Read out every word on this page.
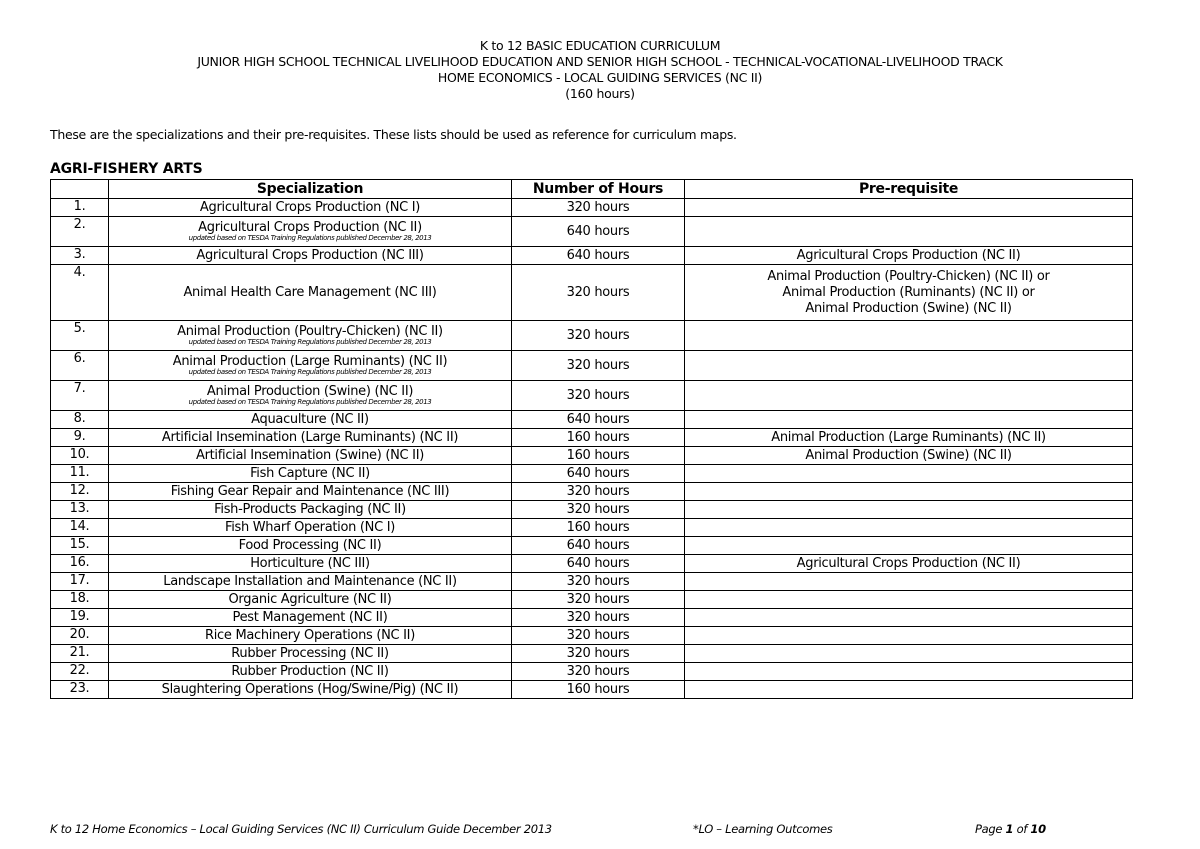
K to 12 BASIC EDUCATION CURRICULUM
JUNIOR HIGH SCHOOL TECHNICAL LIVELIHOOD EDUCATION AND SENIOR HIGH SCHOOL - TECHNICAL-VOCATIONAL-LIVELIHOOD TRACK
HOME ECONOMICS - LOCAL GUIDING SERVICES (NC II)
(160 hours)
These are the specializations and their pre-requisites. These lists should be used as reference for curriculum maps.
AGRI-FISHERY ARTS
	Specialization	Number of Hours	Pre-requisite
1.	Agricultural Crops Production (NC I)	320 hours	
2.	Agricultural Crops Production (NC II)
updated based on TESDA Training Regulations published December 28, 2013	640 hours	
3.	Agricultural Crops Production (NC III)	640 hours	Agricultural Crops Production (NC II)

4.	Animal Health Care Management (NC III)	320 hours	Animal Production (Poultry-Chicken) (NC II) or
Animal Production (Ruminants) (NC II) or
Animal Production (Swine) (NC II)

5.	Animal Production (Poultry-Chicken) (NC II)
updated based on TESDA Training Regulations published December 28, 2013	320 hours	
6.	Animal Production (Large Ruminants) (NC II)
updated based on TESDA Training Regulations published December 28, 2013	320 hours	
7.	Animal Production (Swine) (NC II)
updated based on TESDA Training Regulations published December 28, 2013	320 hours	
8.	Aquaculture (NC II)	640 hours	
9.	Artificial Insemination (Large Ruminants) (NC II)	160 hours	Animal Production (Large Ruminants) (NC II)

10.	Artificial Insemination (Swine) (NC II)	160 hours	Animal Production (Swine) (NC II)

11.	Fish Capture (NC II)	640 hours	
12.	Fishing Gear Repair and Maintenance (NC III)	320 hours	
13.	Fish-Products Packaging (NC II)	320 hours	
14.	Fish Wharf Operation (NC I)	160 hours	
15.	Food Processing (NC II)	640 hours	
16.	Horticulture (NC III)	640 hours	Agricultural Crops Production (NC II)

17.	Landscape Installation and Maintenance (NC II)	320 hours	
18.	Organic Agriculture (NC II)	320 hours	
19.	Pest Management (NC II)	320 hours	
20.	Rice Machinery Operations (NC II)	320 hours	
21.	Rubber Processing (NC II)	320 hours	
22.	Rubber Production (NC II)	320 hours	
23.	Slaughtering Operations (Hog/Swine/Pig) (NC II)	160 hours	
K to 12 Home Economics – Local Guiding Services (NC II) Curriculum Guide December 2013	*LO – Learning Outcomes	Page 1 of 10
